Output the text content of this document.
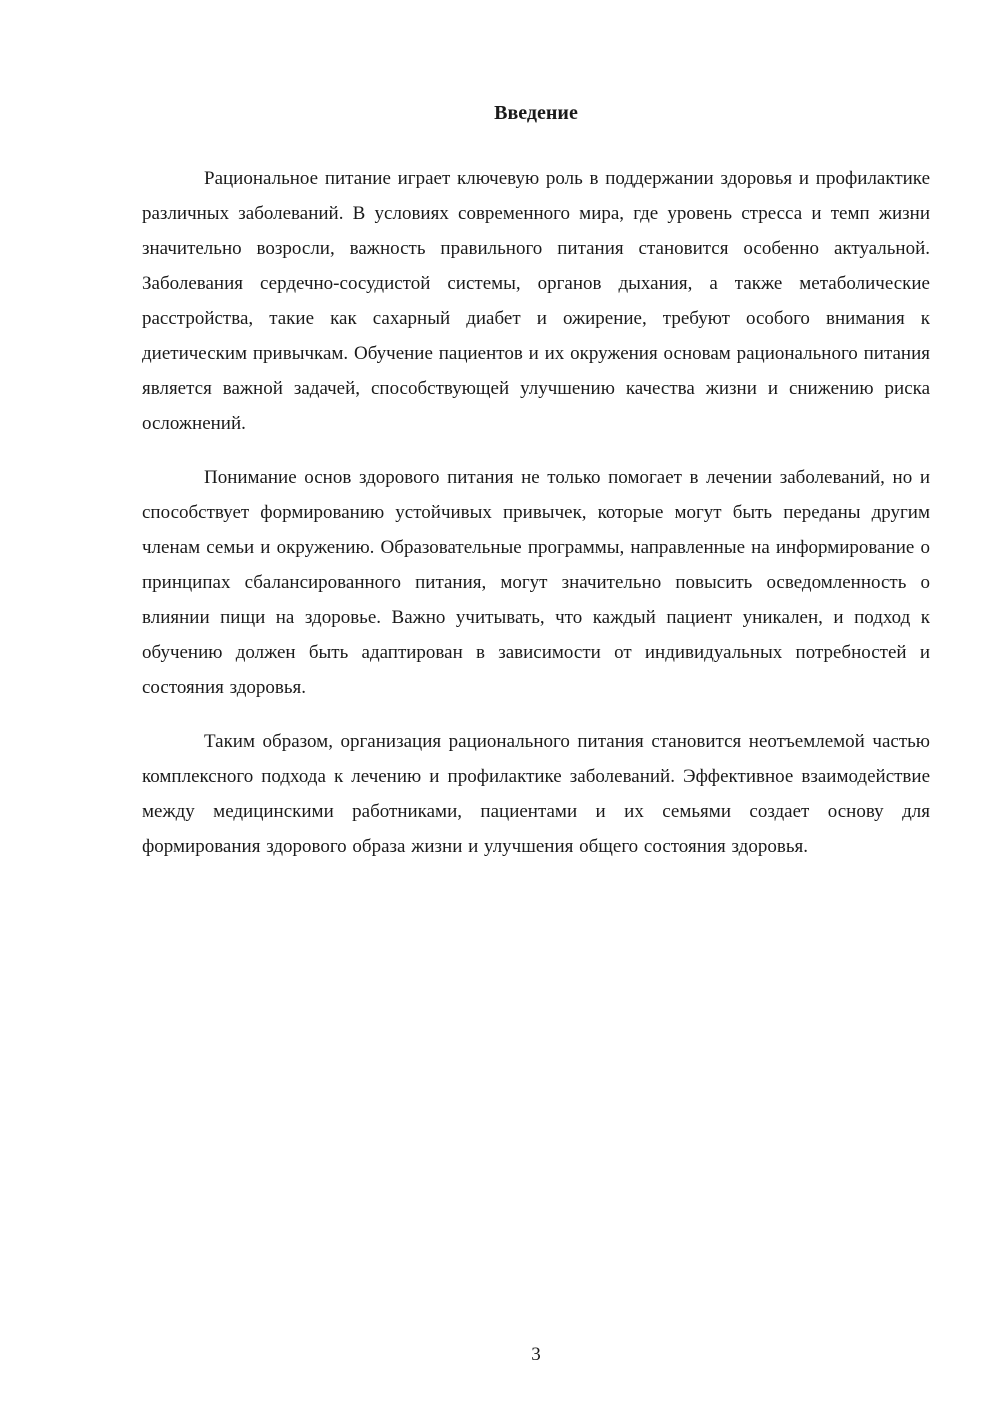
Введение

Рациональное питание играет ключевую роль в поддержании здоровья и профилактике различных заболеваний. В условиях современного мира, где уровень стресса и темп жизни значительно возросли, важность правильного питания становится особенно актуальной. Заболевания сердечно-сосудистой системы, органов дыхания, а также метаболические расстройства, такие как сахарный диабет и ожирение, требуют особого внимания к диетическим привычкам. Обучение пациентов и их окружения основам рационального питания является важной задачей, способствующей улучшению качества жизни и снижению риска осложнений.

Понимание основ здорового питания не только помогает в лечении заболеваний, но и способствует формированию устойчивых привычек, которые могут быть переданы другим членам семьи и окружению. Образовательные программы, направленные на информирование о принципах сбалансированного питания, могут значительно повысить осведомленность о влиянии пищи на здоровье. Важно учитывать, что каждый пациент уникален, и подход к обучению должен быть адаптирован в зависимости от индивидуальных потребностей и состояния здоровья.

Таким образом, организация рационального питания становится неотъемлемой частью комплексного подхода к лечению и профилактике заболеваний. Эффективное взаимодействие между медицинскими работниками, пациентами и их семьями создает основу для формирования здорового образа жизни и улучшения общего состояния здоровья.

3
